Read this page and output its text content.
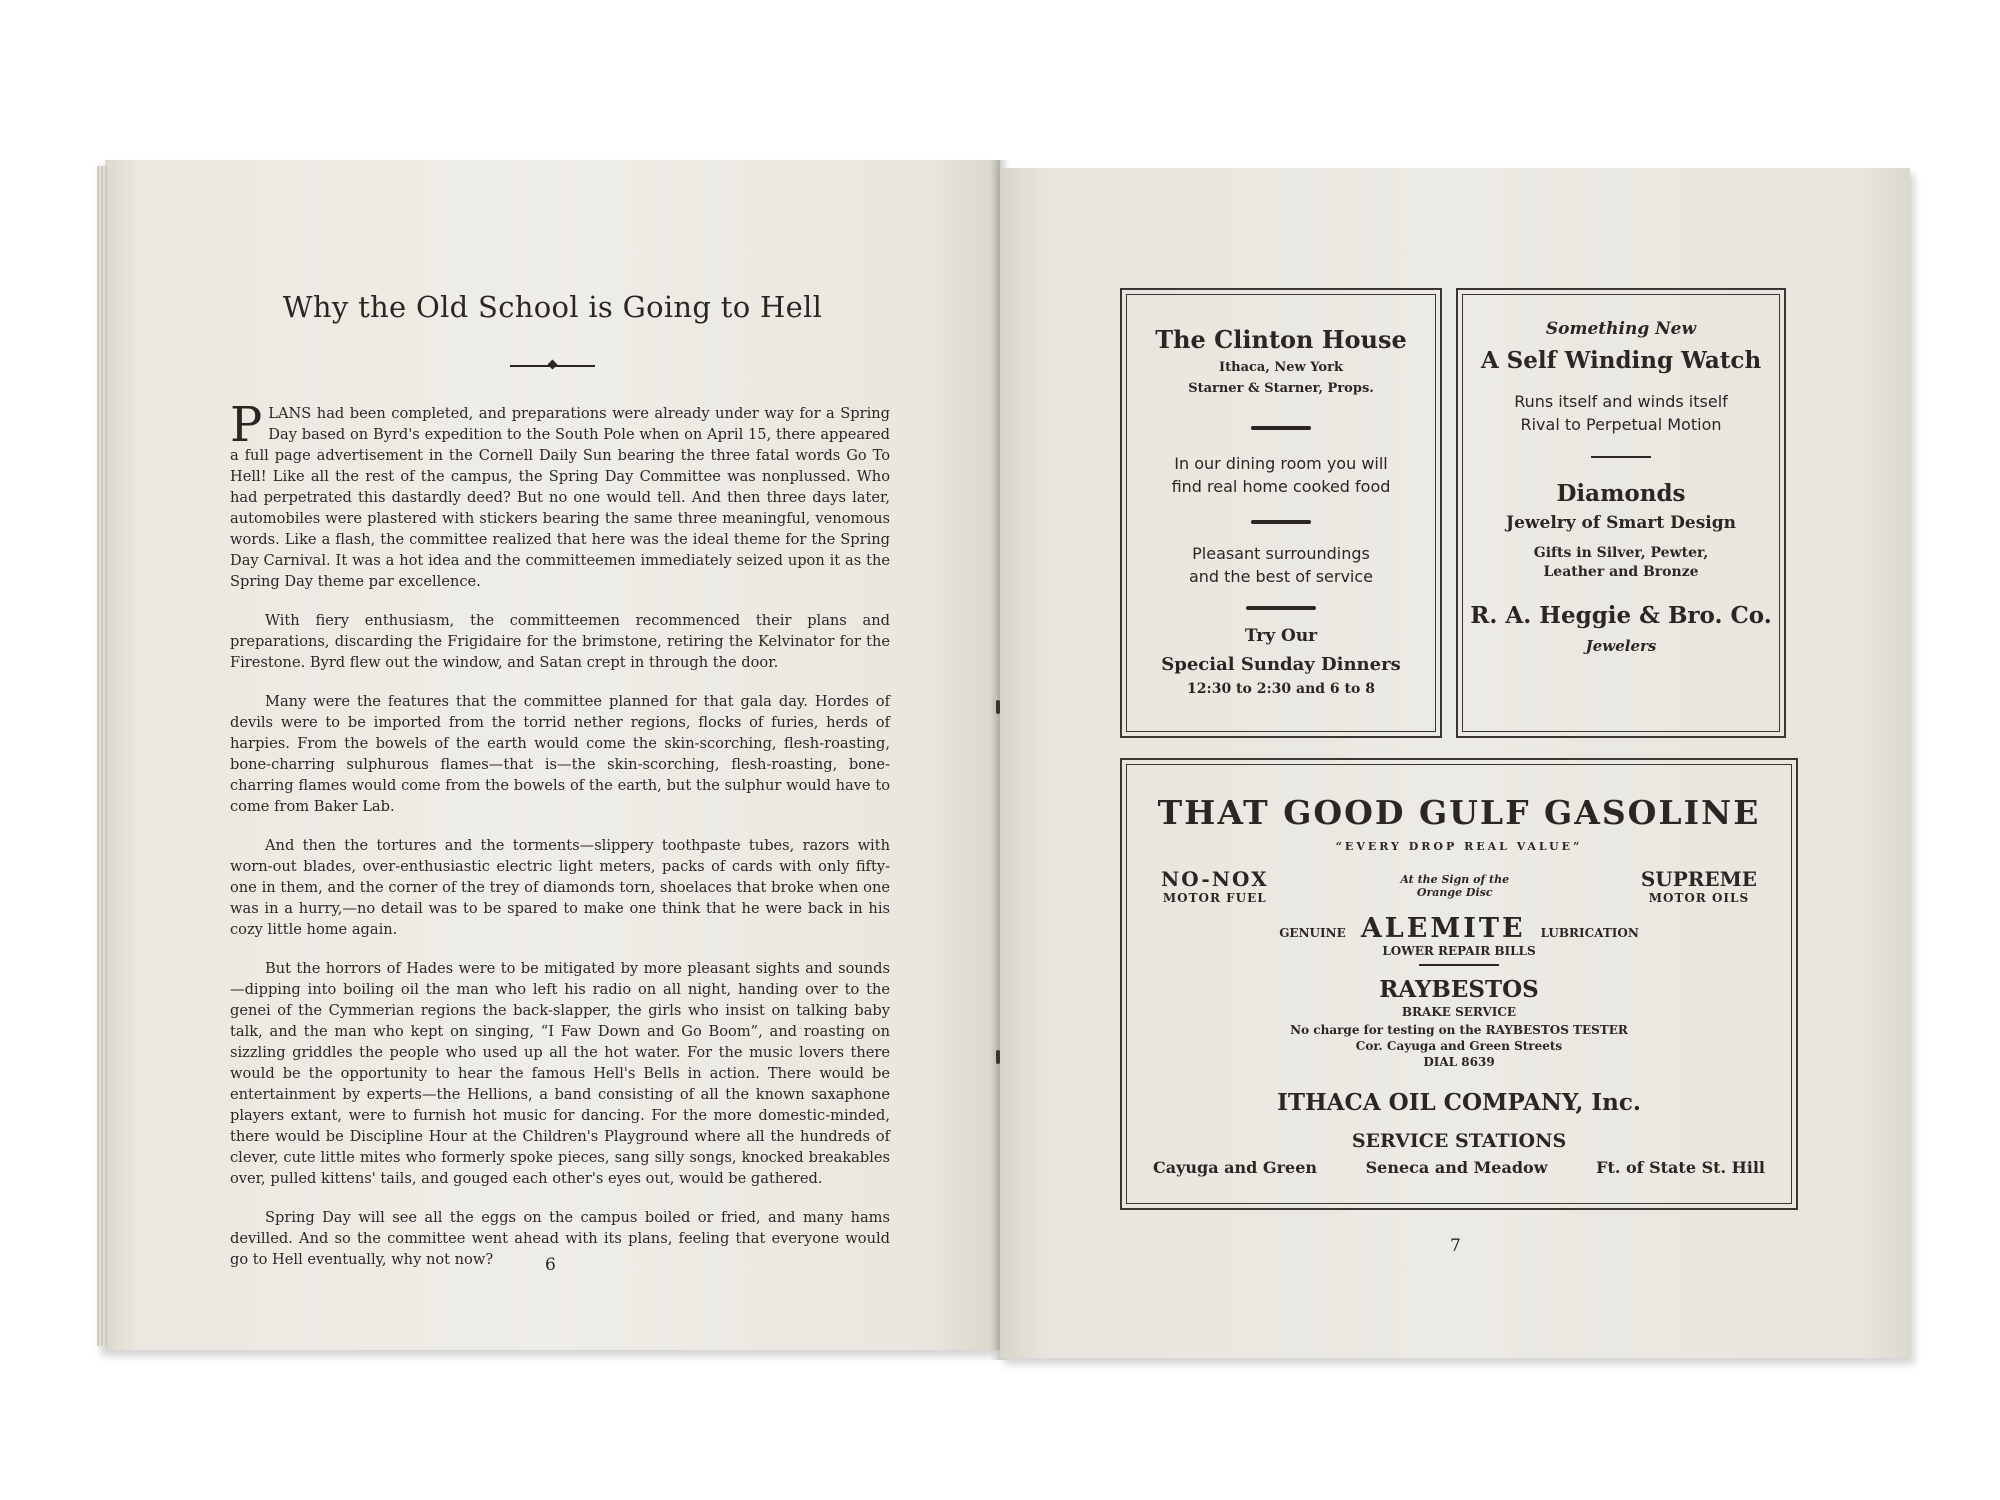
Why the Old School is Going to Hell

PLANS had been completed, and preparations were already under way for a Spring Day based on Byrd's expedition to the South Pole when on April 15, there appeared a full page advertisement in the Cornell Daily Sun bearing the three fatal words Go To Hell! Like all the rest of the campus, the Spring Day Committee was nonplussed. Who had perpetrated this dastardly deed? But no one would tell. And then three days later, automobiles were plastered with stickers bearing the same three meaningful, venomous words. Like a flash, the committee realized that here was the ideal theme for the Spring Day Carnival. It was a hot idea and the committeemen immediately seized upon it as the Spring Day theme par excellence.

With fiery enthusiasm, the committeemen recommenced their plans and preparations, discarding the Frigidaire for the brimstone, retiring the Kelvinator for the Firestone. Byrd flew out the window, and Satan crept in through the door.

Many were the features that the committee planned for that gala day. Hordes of devils were to be imported from the torrid nether regions, flocks of furies, herds of harpies. From the bowels of the earth would come the skin-scorching, flesh-roasting, bone-charring sulphurous flames—that is—the skin-scorching, flesh-roasting, bone-charring flames would come from the bowels of the earth, but the sulphur would have to come from Baker Lab.

And then the tortures and the torments—slippery toothpaste tubes, razors with worn-out blades, over-enthusiastic electric light meters, packs of cards with only fifty-one in them, and the corner of the trey of diamonds torn, shoelaces that broke when one was in a hurry,—no detail was to be spared to make one think that he were back in his cozy little home again.

But the horrors of Hades were to be mitigated by more pleasant sights and sounds—dipping into boiling oil the man who left his radio on all night, handing over to the genei of the Cymmerian regions the back-slapper, the girls who insist on talking baby talk, and the man who kept on singing, “I Faw Down and Go Boom”, and roasting on sizzling griddles the people who used up all the hot water. For the music lovers there would be the opportunity to hear the famous Hell's Bells in action. There would be entertainment by experts—the Hellions, a band consisting of all the known saxaphone players extant, were to furnish hot music for dancing. For the more domestic-minded, there would be Discipline Hour at the Children's Playground where all the hundreds of clever, cute little mites who formerly spoke pieces, sang silly songs, knocked breakables over, pulled kittens' tails, and gouged each other's eyes out, would be gathered.

Spring Day will see all the eggs on the campus boiled or fried, and many hams devilled. And so the committee went ahead with its plans, feeling that everyone would go to Hell eventually, why not now?	6
The Clinton House
Ithaca, New York
Starner & Starner, Props.
In our dining room you will
find real home cooked food
Pleasant surroundings
and the best of service
Try Our
Special Sunday Dinners
12:30 to 2:30 and 6 to 8
Something New
A Self Winding Watch
Runs itself and winds itself
Rival to Perpetual Motion
Diamonds
Jewelry of Smart Design
Gifts in Silver, Pewter,
Leather and Bronze
R. A. Heggie & Bro. Co.
Jewelers
THAT GOOD GULF GASOLINE
“EVERY DROP REAL VALUE”
NO-NOX
MOTOR FUEL
At the Sign of the
Orange Disc
SUPREME
MOTOR OILS
GENUINE ALEMITE LUBRICATION
LOWER REPAIR BILLS
RAYBESTOS
BRAKE SERVICE
No charge for testing on the RAYBESTOS TESTER
Cor. Cayuga and Green Streets
DIAL 8639
ITHACA OIL COMPANY, Inc.
SERVICE STATIONS
Cayuga and Green	Seneca and Meadow	Ft. of State St. Hill
7
